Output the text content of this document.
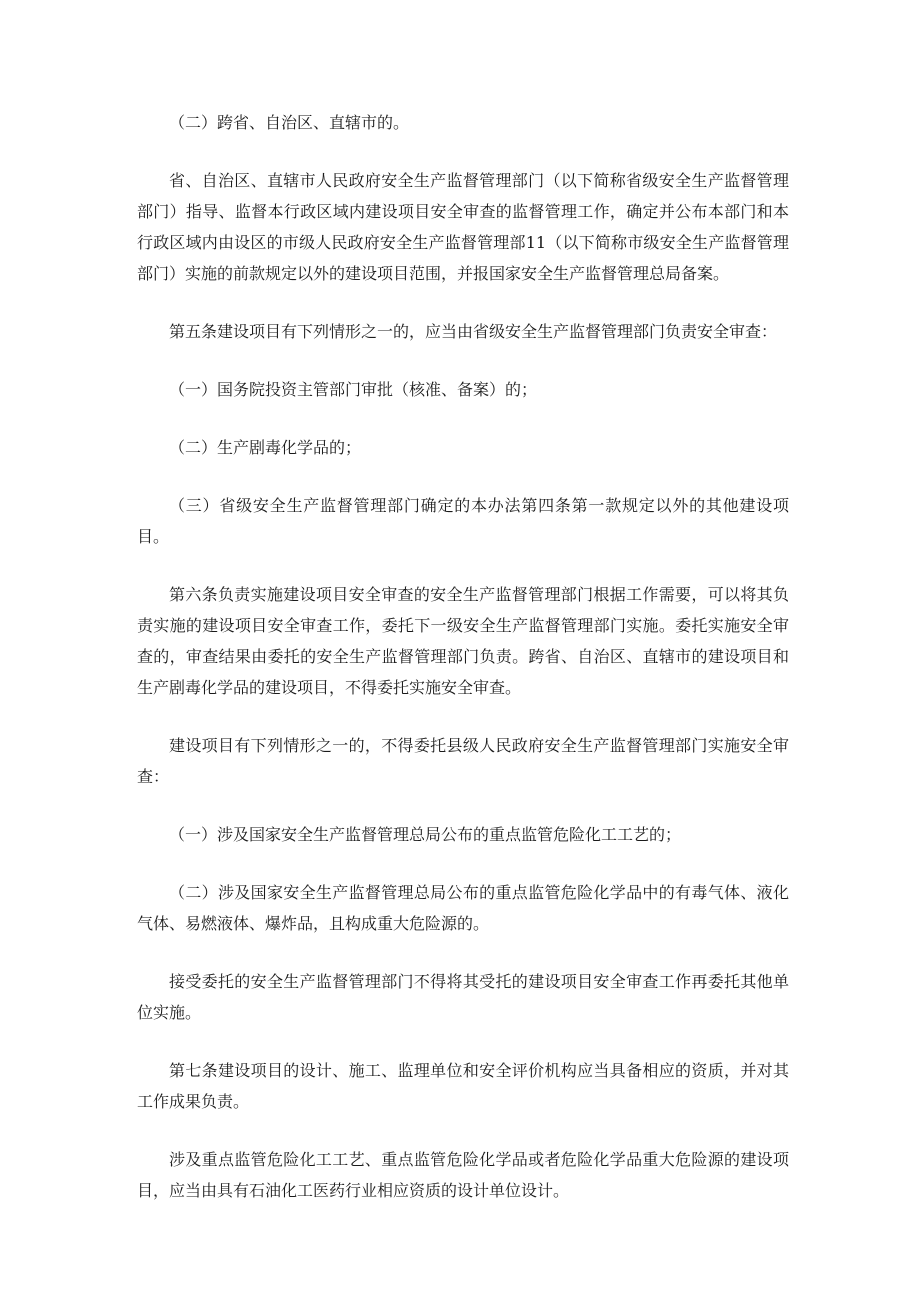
（二）跨省、自治区、直辖市的。

省、自治区、直辖市人民政府安全生产监督管理部门（以下简称省级安全生产监督管理部门）指导、监督本行政区域内建设项目安全审查的监督管理工作，确定并公布本部门和本行政区域内由设区的市级人民政府安全生产监督管理部11（以下简称市级安全生产监督管理部门）实施的前款规定以外的建设项目范围，并报国家安全生产监督管理总局备案。

第五条建设项目有下列情形之一的，应当由省级安全生产监督管理部门负责安全审查：

（一）国务院投资主管部门审批（核准、备案）的；

（二）生产剧毒化学品的；

（三）省级安全生产监督管理部门确定的本办法第四条第一款规定以外的其他建设项目。

第六条负责实施建设项目安全审查的安全生产监督管理部门根据工作需要，可以将其负责实施的建设项目安全审查工作，委托下一级安全生产监督管理部门实施。委托实施安全审查的，审查结果由委托的安全生产监督管理部门负责。跨省、自治区、直辖市的建设项目和生产剧毒化学品的建设项目，不得委托实施安全审查。

建设项目有下列情形之一的，不得委托县级人民政府安全生产监督管理部门实施安全审查：

（一）涉及国家安全生产监督管理总局公布的重点监管危险化工工艺的；

（二）涉及国家安全生产监督管理总局公布的重点监管危险化学品中的有毒气体、液化气体、易燃液体、爆炸品，且构成重大危险源的。

接受委托的安全生产监督管理部门不得将其受托的建设项目安全审查工作再委托其他单位实施。

第七条建设项目的设计、施工、监理单位和安全评价机构应当具备相应的资质，并对其工作成果负责。

涉及重点监管危险化工工艺、重点监管危险化学品或者危险化学品重大危险源的建设项目，应当由具有石油化工医药行业相应资质的设计单位设计。
